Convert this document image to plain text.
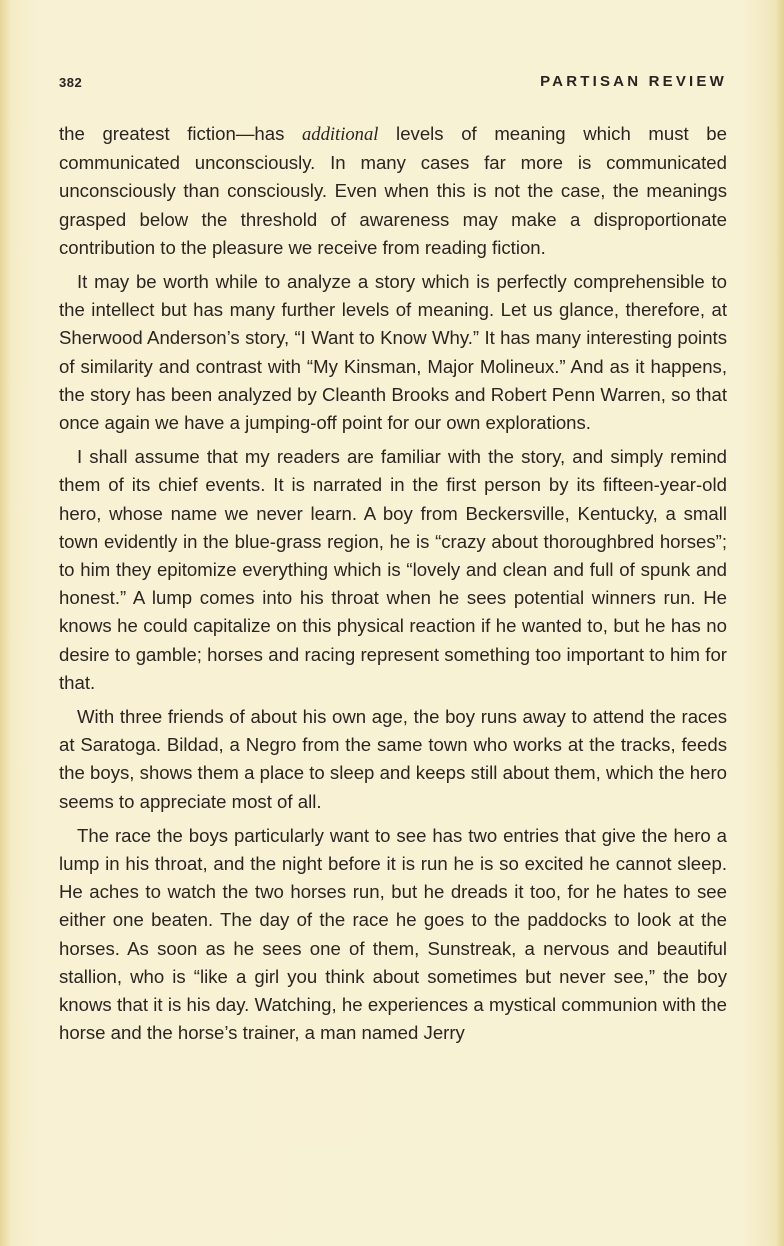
382	PARTISAN REVIEW

the greatest fiction—has additional levels of meaning which must be communicated unconsciously. In many cases far more is communicated unconsciously than consciously. Even when this is not the case, the meanings grasped below the threshold of awareness may make a disproportionate contribution to the pleasure we receive from reading fiction.

It may be worth while to analyze a story which is perfectly comprehensible to the intellect but has many further levels of meaning. Let us glance, therefore, at Sherwood Anderson’s story, “I Want to Know Why.” It has many interesting points of similarity and contrast with “My Kinsman, Major Molineux.” And as it happens, the story has been analyzed by Cleanth Brooks and Robert Penn Warren, so that once again we have a jumping-off point for our own explorations.

I shall assume that my readers are familiar with the story, and simply remind them of its chief events. It is narrated in the first person by its fifteen-year-old hero, whose name we never learn. A boy from Beckersville, Kentucky, a small town evidently in the blue-grass region, he is “crazy about thoroughbred horses”; to him they epitomize everything which is “lovely and clean and full of spunk and honest.” A lump comes into his throat when he sees potential winners run. He knows he could capitalize on this physical reaction if he wanted to, but he has no desire to gamble; horses and racing represent something too important to him for that.

With three friends of about his own age, the boy runs away to attend the races at Saratoga. Bildad, a Negro from the same town who works at the tracks, feeds the boys, shows them a place to sleep and keeps still about them, which the hero seems to appreciate most of all.

The race the boys particularly want to see has two entries that give the hero a lump in his throat, and the night before it is run he is so excited he cannot sleep. He aches to watch the two horses run, but he dreads it too, for he hates to see either one beaten. The day of the race he goes to the paddocks to look at the horses. As soon as he sees one of them, Sunstreak, a nervous and beautiful stallion, who is “like a girl you think about sometimes but never see,” the boy knows that it is his day. Watching, he experiences a mystical communion with the horse and the horse’s trainer, a man named Jerry
